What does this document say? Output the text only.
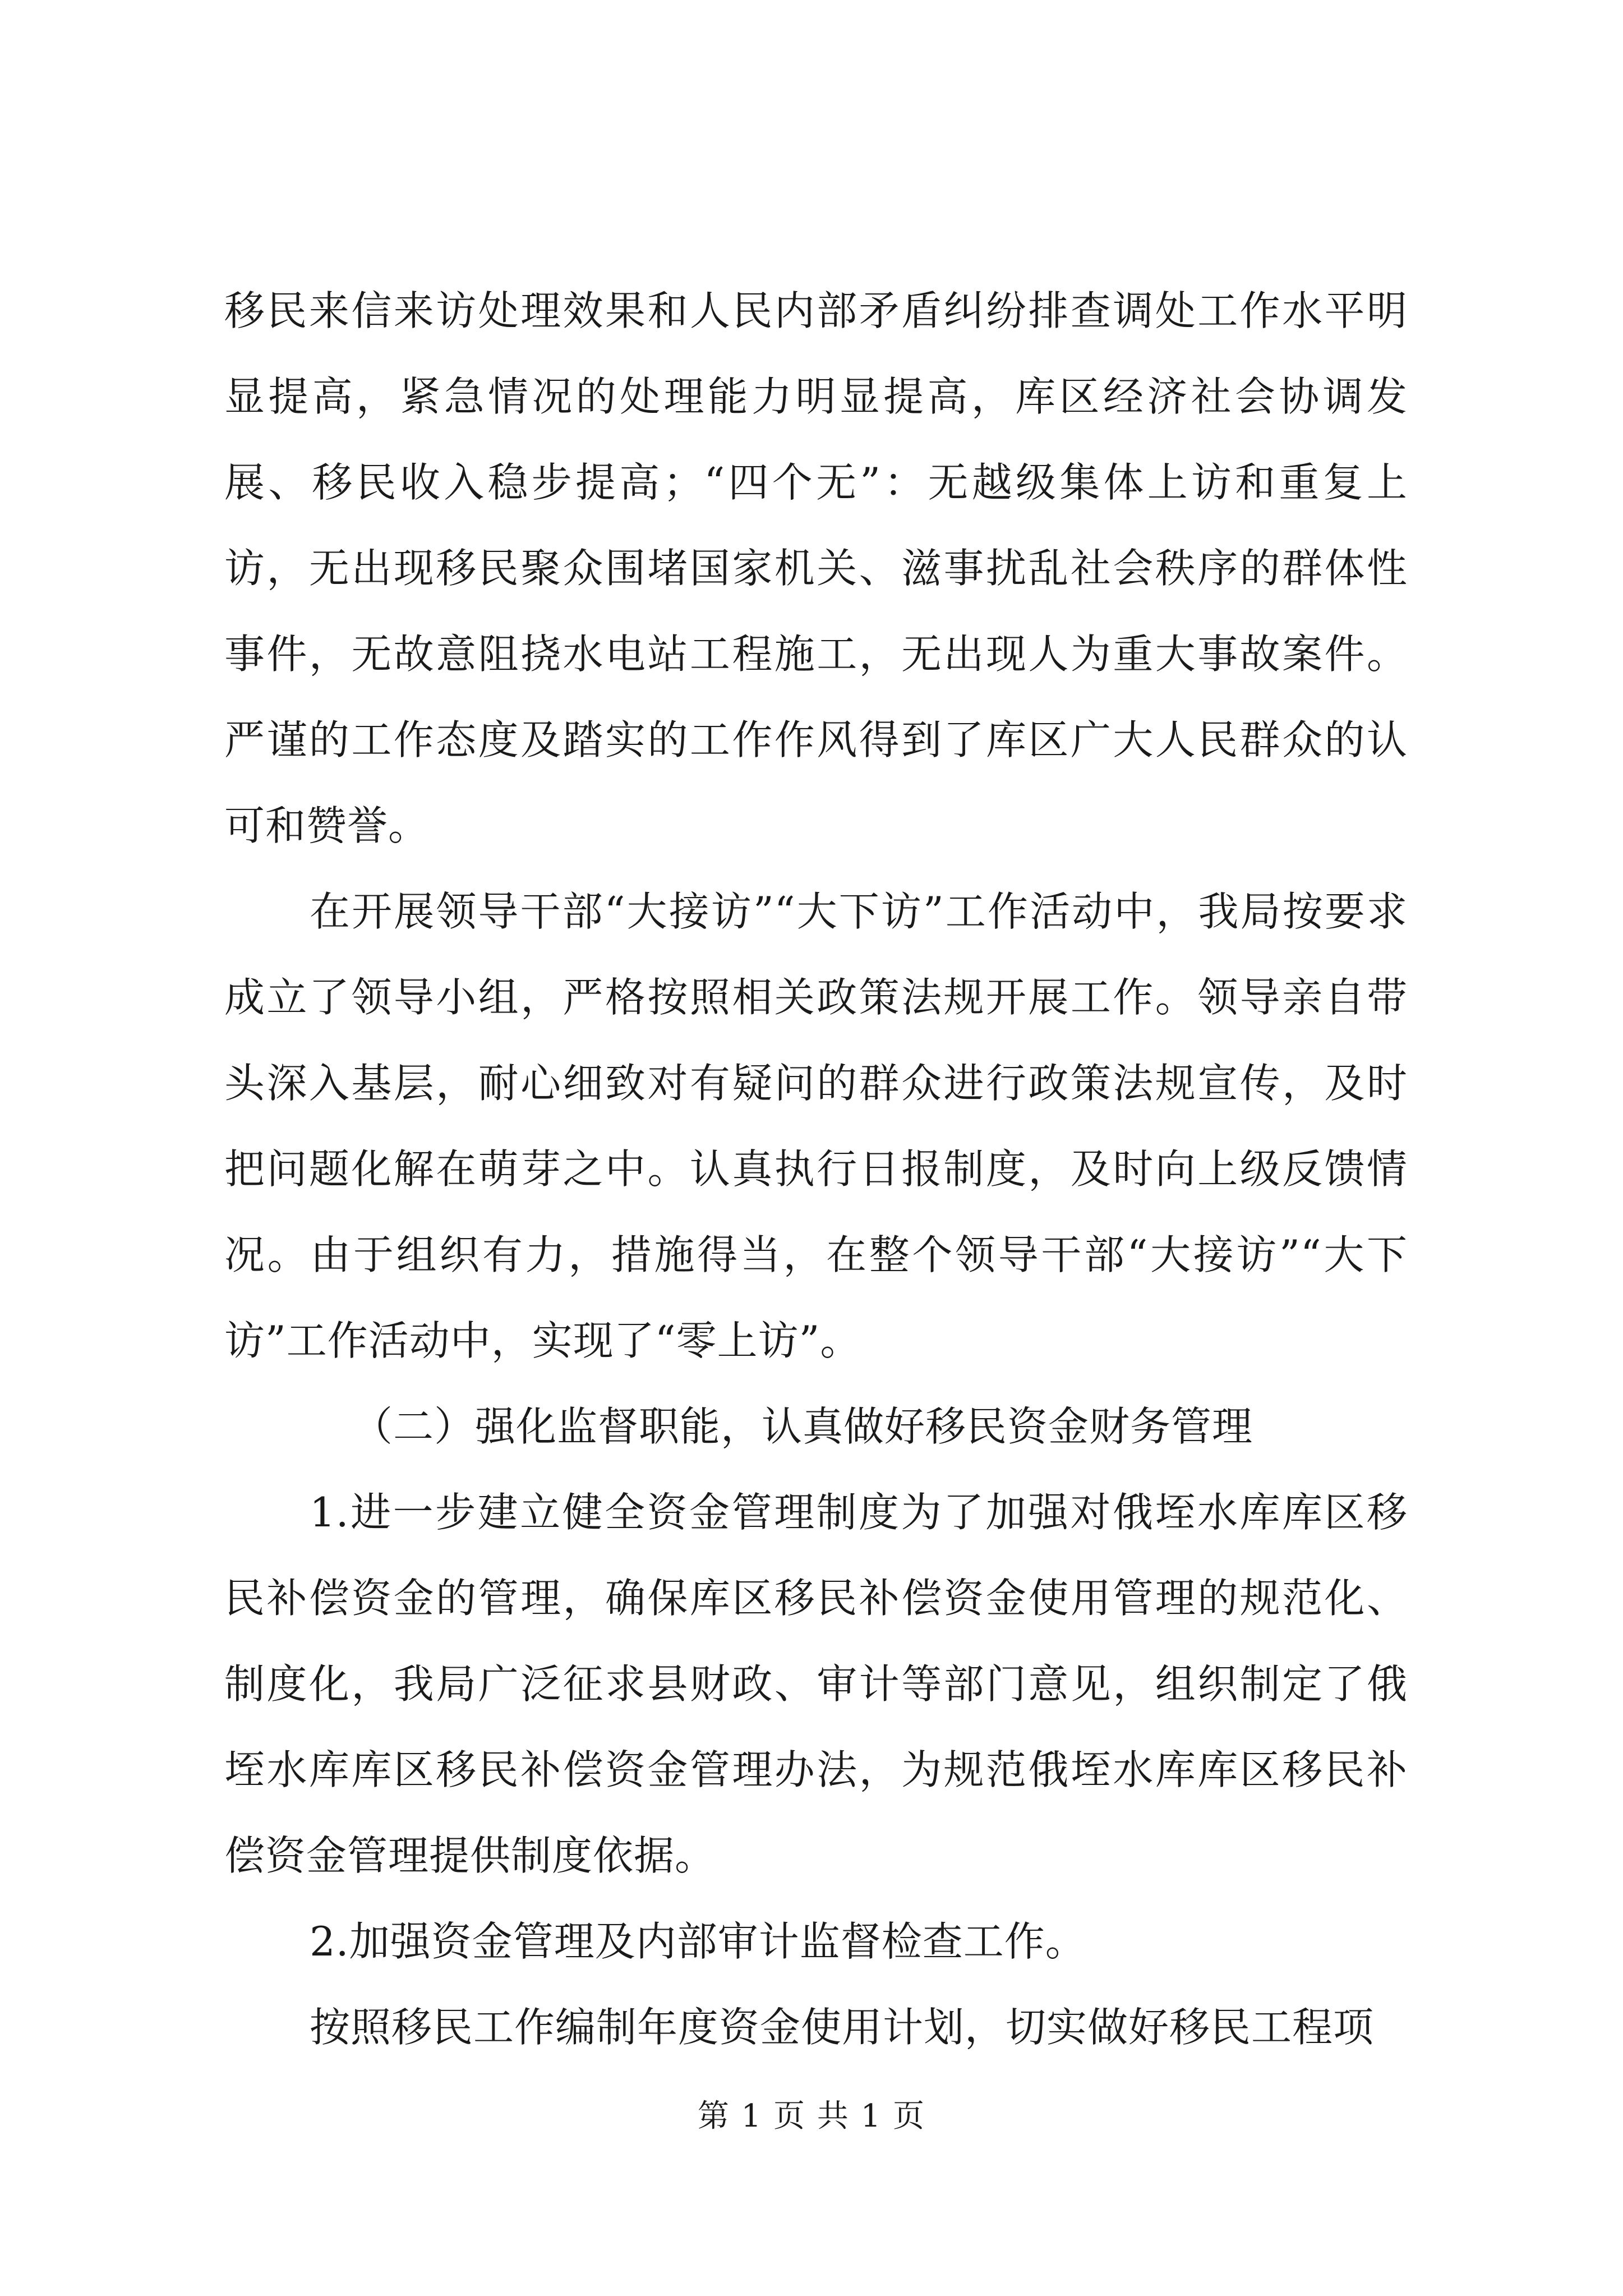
移民来信来访处理效果和人民内部矛盾纠纷排查调处工作水平明显提高，紧急情况的处理能力明显提高，库区经济社会协调发展、移民收入稳步提高；“四个无”：无越级集体上访和重复上访，无出现移民聚众围堵国家机关、滋事扰乱社会秩序的群体性事件，无故意阻挠水电站工程施工，无出现人为重大事故案件。严谨的工作态度及踏实的工作作风得到了库区广大人民群众的认可和赞誉。

在开展领导干部“大接访”“大下访”工作活动中，我局按要求成立了领导小组，严格按照相关政策法规开展工作。领导亲自带头深入基层，耐心细致对有疑问的群众进行政策法规宣传，及时把问题化解在萌芽之中。认真执行日报制度，及时向上级反馈情况。由于组织有力，措施得当，在整个领导干部“大接访”“大下访”工作活动中，实现了“零上访”。

（二）强化监督职能，认真做好移民资金财务管理

1.进一步建立健全资金管理制度为了加强对俄垤水库库区移民补偿资金的管理，确保库区移民补偿资金使用管理的规范化、制度化，我局广泛征求县财政、审计等部门意见，组织制定了俄垤水库库区移民补偿资金管理办法，为规范俄垤水库库区移民补偿资金管理提供制度依据。

2.加强资金管理及内部审计监督检查工作。

按照移民工作编制年度资金使用计划，切实做好移民工程项

第 1 页 共 1 页
